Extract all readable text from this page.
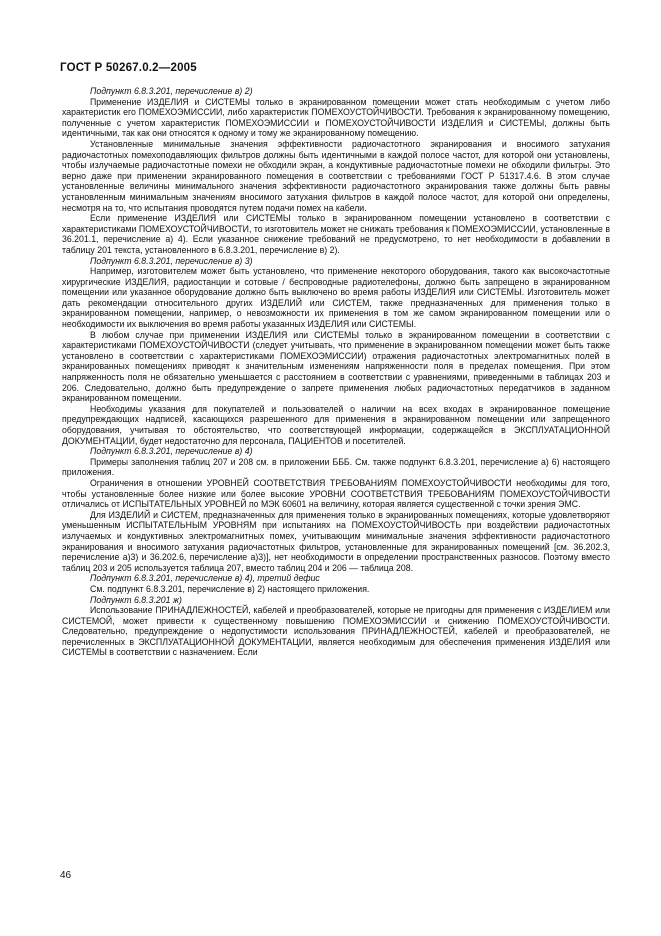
ГОСТ Р 50267.0.2—2005

Подпункт 6.8.3.201, перечисление в) 2)

Применение ИЗДЕЛИЯ и СИСТЕМЫ только в экранированном помещении может стать необходимым с учетом либо характеристик его ПОМЕХОЭМИССИИ, либо характеристик ПОМЕХОУСТОЙЧИВОСТИ. Требования к экранированному помещению, полученные с учетом характеристик ПОМЕХОЭМИССИИ и ПОМЕХОУСТОЙЧИВОСТИ ИЗДЕЛИЯ и СИСТЕМЫ, должны быть идентичными, так как они относятся к одному и тому же экранированному помещению.

Установленные минимальные значения эффективности радиочастотного экранирования и вносимого затухания радиочастотных помехоподавляющих фильтров должны быть идентичными в каждой полосе частот, для которой они установлены, чтобы излучаемые радиочастотные помехи не обходили экран, а кондуктивные радиочастотные помехи не обходили фильтры. Это верно даже при применении экранированного помещения в соответствии с требованиями ГОСТ Р 51317.4.6. В этом случае установленные величины минимального значения эффективности радиочастотного экранирования также должны быть равны установленным минимальным значениям вносимого затухания фильтров в каждой полосе частот, для которой они определены, несмотря на то, что испытания проводятся путем подачи помех на кабели.

Если применение ИЗДЕЛИЯ или СИСТЕМЫ только в экранированном помещении установлено в соответствии с характеристиками ПОМЕХОУСТОЙЧИВОСТИ, то изготовитель может не снижать требования к ПОМЕХОЭМИССИИ, установленные в 36.201.1, перечисление а) 4). Если указанное снижение требований не предусмотрено, то нет необходимости в добавлении в таблицу 201 текста, установленного в 6.8.3.201, перечисление в) 2).

Подпункт 6.8.3.201, перечисление в) 3)

Например, изготовителем может быть установлено, что применение некоторого оборудования, такого как высокочастотные хирургические ИЗДЕЛИЯ, радиостанции и сотовые / беспроводные радиотелефоны, должно быть запрещено в экранированном помещении или указанное оборудование должно быть выключено во время работы ИЗДЕЛИЯ или СИСТЕМЫ. Изготовитель может дать рекомендации относительного других ИЗДЕЛИЙ или СИСТЕМ, также предназначенных для применения только в экранированном помещении, например, о невозможности их применения в том же самом экранированном помещении или о необходимости их выключения во время работы указанных ИЗДЕЛИЯ или СИСТЕМЫ.

В любом случае при применении ИЗДЕЛИЯ или СИСТЕМЫ только в экранированном помещении в соответствии с характеристиками ПОМЕХОУСТОЙЧИВОСТИ (следует учитывать, что применение в экранированном помещении может быть также установлено в соответствии с характеристиками ПОМЕХОЭМИССИИ) отражения радиочастотных электромагнитных полей в экранированных помещениях приводят к значительным изменениям напряженности поля в пределах помещения. При этом напряженность поля не обязательно уменьшается с расстоянием в соответствии с уравнениями, приведенными в таблицах 203 и 206. Следовательно, должно быть предупреждение о запрете применения любых радиочастотных передатчиков в заданном экранированном помещении.

Необходимы указания для покупателей и пользователей о наличии на всех входах в экранированное помещение предупреждающих надписей, касающихся разрешенного для применения в экранированном помещении или запрещенного оборудования, учитывая то обстоятельство, что соответствующей информации, содержащейся в ЭКСПЛУАТАЦИОННОЙ ДОКУМЕНТАЦИИ, будет недостаточно для персонала, ПАЦИЕНТОВ и посетителей.

Подпункт 6.8.3.201, перечисление в) 4)

Примеры заполнения таблиц 207 и 208 см. в приложении БББ. См. также подпункт 6.8.3.201, перечисление а) 6) настоящего приложения.

Ограничения в отношении УРОВНЕЙ СООТВЕТСТВИЯ ТРЕБОВАНИЯМ ПОМЕХОУСТОЙЧИВОСТИ необходимы для того, чтобы установленные более низкие или более высокие УРОВНИ СООТВЕТСТВИЯ ТРЕБОВАНИЯМ ПОМЕХОУСТОЙЧИВОСТИ отличались от ИСПЫТАТЕЛЬНЫХ УРОВНЕЙ по МЭК 60601 на величину, которая является существенной с точки зрения ЭМС.

Для ИЗДЕЛИЙ и СИСТЕМ, предназначенных для применения только в экранированных помещениях, которые удовлетворяют уменьшенным ИСПЫТАТЕЛЬНЫМ УРОВНЯМ при испытаниях на ПОМЕХОУСТОЙЧИВОСТЬ при воздействии радиочастотных излучаемых и кондуктивных электромагнитных помех, учитывающим минимальные значения эффективности радиочастотного экранирования и вносимого затухания радиочастотных фильтров, установленные для экранированных помещений [см. 36.202.3, перечисление а)3) и 36.202.6, перечисление а)3)], нет необходимости в определении пространственных разносов. Поэтому вместо таблиц 203 и 205 используется таблица 207, вместо таблиц 204 и 206 — таблица 208.

Подпункт 6.8.3.201, перечисление в) 4), третий дефис

См. подпункт 6.8.3.201, перечисление в) 2) настоящего приложения.

Подпункт 6.8.3.201 ж)

Использование ПРИНАДЛЕЖНОСТЕЙ, кабелей и преобразователей, которые не пригодны для применения с ИЗДЕЛИЕМ или СИСТЕМОЙ, может привести к существенному повышению ПОМЕХОЭМИССИИ и снижению ПОМЕХОУСТОЙЧИВОСТИ. Следовательно, предупреждение о недопустимости использования ПРИНАДЛЕЖНОСТЕЙ, кабелей и преобразователей, не перечисленных в ЭКСПЛУАТАЦИОННОЙ ДОКУМЕНТАЦИИ, является необходимым для обеспечения применения ИЗДЕЛИЯ или СИСТЕМЫ в соответствии с назначением. Если

46
